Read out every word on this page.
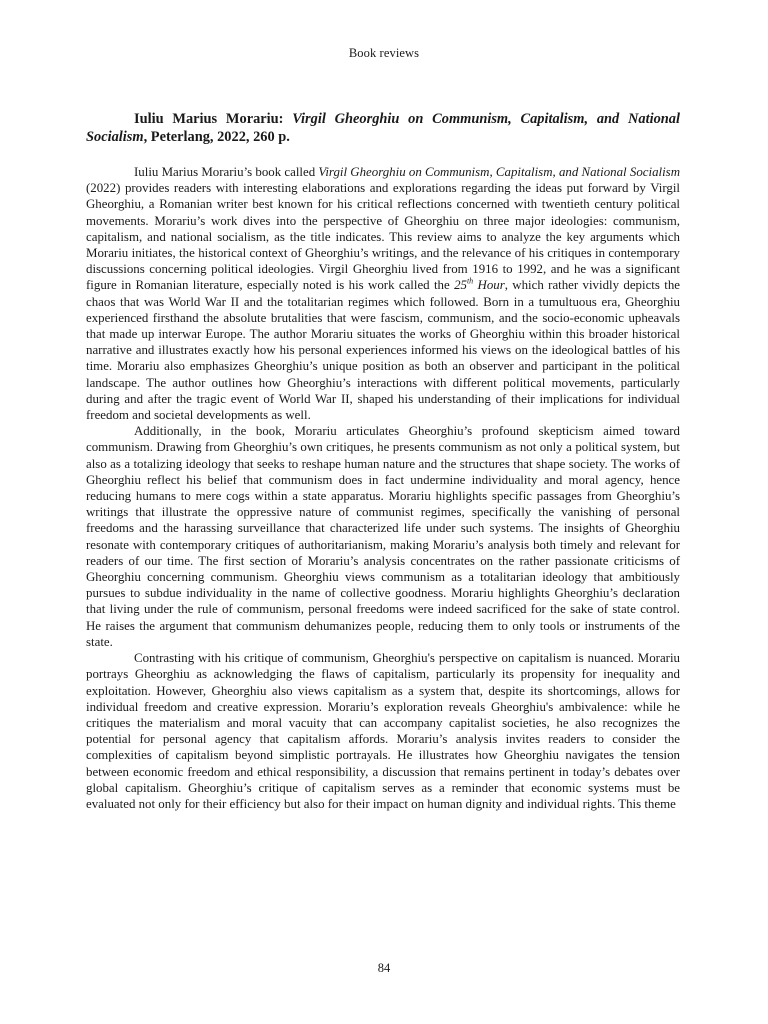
Book reviews
Iuliu Marius Morariu: Virgil Gheorghiu on Communism, Capitalism, and National Socialism, Peterlang, 2022, 260 p.

Iuliu Marius Morariu’s book called Virgil Gheorghiu on Communism, Capitalism, and National Socialism (2022) provides readers with interesting elaborations and explorations regarding the ideas put forward by Virgil Gheorghiu, a Romanian writer best known for his critical reflections concerned with twentieth century political movements. Morariu’s work dives into the perspective of Gheorghiu on three major ideologies: communism, capitalism, and national socialism, as the title indicates. This review aims to analyze the key arguments which Morariu initiates, the historical context of Gheorghiu’s writings, and the relevance of his critiques in contemporary discussions concerning political ideologies. Virgil Gheorghiu lived from 1916 to 1992, and he was a significant figure in Romanian literature, especially noted is his work called the 25th Hour, which rather vividly depicts the chaos that was World War II and the totalitarian regimes which followed. Born in a tumultuous era, Gheorghiu experienced firsthand the absolute brutalities that were fascism, communism, and the socio-economic upheavals that made up interwar Europe. The author Morariu situates the works of Gheorghiu within this broader historical narrative and illustrates exactly how his personal experiences informed his views on the ideological battles of his time. Morariu also emphasizes Gheorghiu’s unique position as both an observer and participant in the political landscape. The author outlines how Gheorghiu’s interactions with different political movements, particularly during and after the tragic event of World War II, shaped his understanding of their implications for individual freedom and societal developments as well.

Additionally, in the book, Morariu articulates Gheorghiu’s profound skepticism aimed toward communism. Drawing from Gheorghiu’s own critiques, he presents communism as not only a political system, but also as a totalizing ideology that seeks to reshape human nature and the structures that shape society. The works of Gheorghiu reflect his belief that communism does in fact undermine individuality and moral agency, hence reducing humans to mere cogs within a state apparatus. Morariu highlights specific passages from Gheorghiu’s writings that illustrate the oppressive nature of communist regimes, specifically the vanishing of personal freedoms and the harassing surveillance that characterized life under such systems. The insights of Gheorghiu resonate with contemporary critiques of authoritarianism, making Morariu’s analysis both timely and relevant for readers of our time. The first section of Morariu’s analysis concentrates on the rather passionate criticisms of Gheorghiu concerning communism. Gheorghiu views communism as a totalitarian ideology that ambitiously pursues to subdue individuality in the name of collective goodness. Morariu highlights Gheorghiu’s declaration that living under the rule of communism, personal freedoms were indeed sacrificed for the sake of state control. He raises the argument that communism dehumanizes people, reducing them to only tools or instruments of the state.

Contrasting with his critique of communism, Gheorghiu's perspective on capitalism is nuanced. Morariu portrays Gheorghiu as acknowledging the flaws of capitalism, particularly its propensity for inequality and exploitation. However, Gheorghiu also views capitalism as a system that, despite its shortcomings, allows for individual freedom and creative expression. Morariu’s exploration reveals Gheorghiu's ambivalence: while he critiques the materialism and moral vacuity that can accompany capitalist societies, he also recognizes the potential for personal agency that capitalism affords. Morariu’s analysis invites readers to consider the complexities of capitalism beyond simplistic portrayals. He illustrates how Gheorghiu navigates the tension between economic freedom and ethical responsibility, a discussion that remains pertinent in today’s debates over global capitalism. Gheorghiu’s critique of capitalism serves as a reminder that economic systems must be evaluated not only for their efficiency but also for their impact on human dignity and individual rights. This theme

84
